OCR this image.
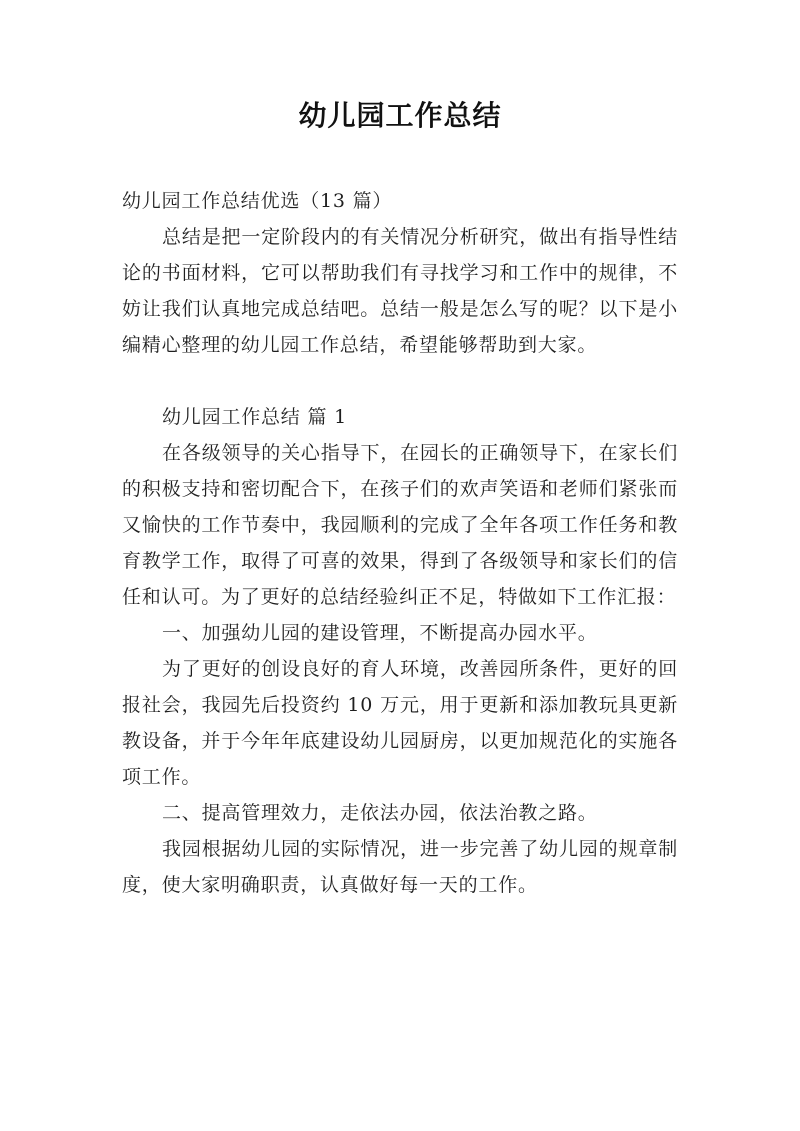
幼儿园工作总结

幼儿园工作总结优选（13 篇）

总结是把一定阶段内的有关情况分析研究，做出有指导性结论的书面材料，它可以帮助我们有寻找学习和工作中的规律，不妨让我们认真地完成总结吧。总结一般是怎么写的呢？以下是小编精心整理的幼儿园工作总结，希望能够帮助到大家。

幼儿园工作总结 篇 1

在各级领导的关心指导下，在园长的正确领导下，在家长们的积极支持和密切配合下，在孩子们的欢声笑语和老师们紧张而又愉快的工作节奏中，我园顺利的完成了全年各项工作任务和教育教学工作，取得了可喜的效果，得到了各级领导和家长们的信任和认可。为了更好的总结经验纠正不足，特做如下工作汇报：

一、加强幼儿园的建设管理，不断提高办园水平。

为了更好的创设良好的育人环境，改善园所条件，更好的回报社会，我园先后投资约 10 万元，用于更新和添加教玩具更新教设备，并于今年年底建设幼儿园厨房，以更加规范化的实施各项工作。

二、提高管理效力，走依法办园，依法治教之路。

我园根据幼儿园的实际情况，进一步完善了幼儿园的规章制度，使大家明确职责，认真做好每一天的工作。
